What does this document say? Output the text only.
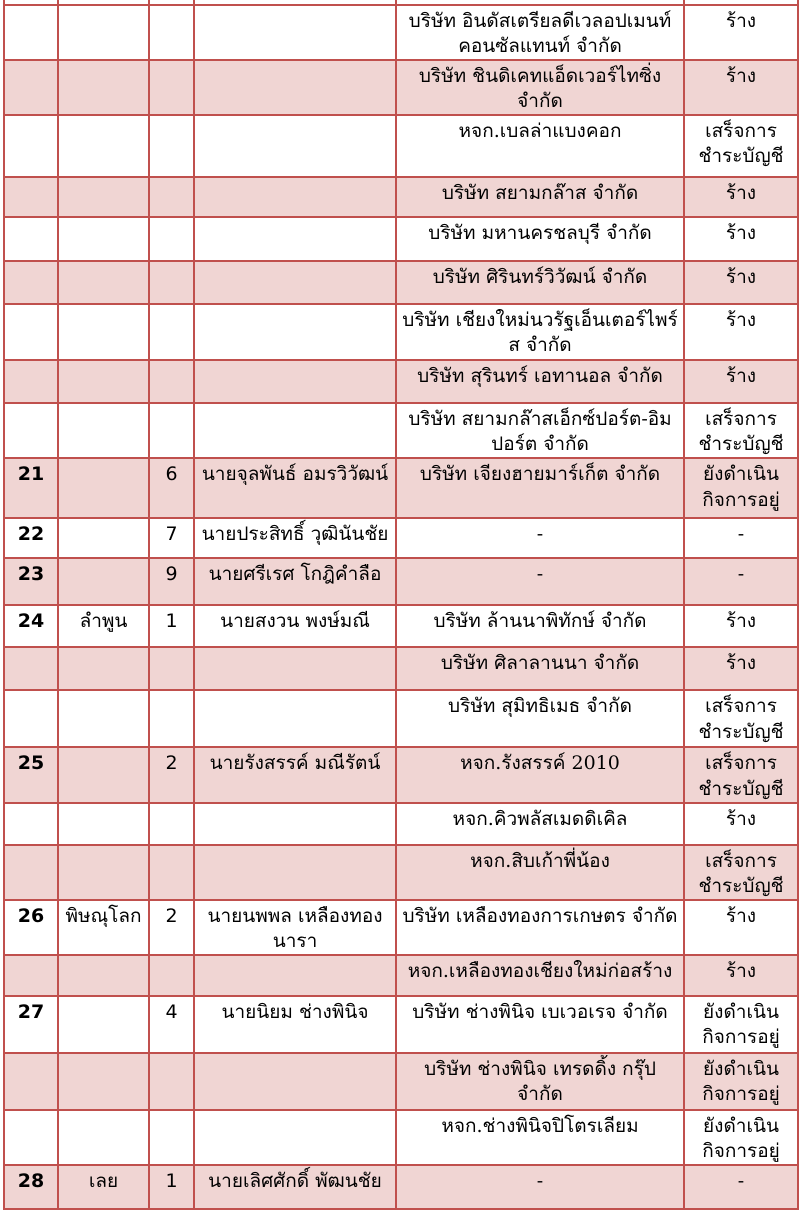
				บริษัท อินดัสเตรียลดีเวลอปเมนท์ คอนซัลแทนท์ จำกัด	ร้าง
				บริษัท ชินดิเคทแอ็ดเวอร์ไทซิ่ง จำกัด	ร้าง
				หจก.เบลล่าแบงคอก	เสร็จการชำระบัญชี
				บริษัท สยามกล๊าส จำกัด	ร้าง
				บริษัท มหานครชลบุรี จำกัด	ร้าง
				บริษัท ศิรินทร์วิวัฒน์ จำกัด	ร้าง
				บริษัท เชียงใหม่นวรัฐเอ็นเตอร์ไพร์ส จำกัด	ร้าง
				บริษัท สุรินทร์ เอทานอล จำกัด	ร้าง
				บริษัท สยามกล๊าสเอ็กซ์ปอร์ต-อิมปอร์ต จำกัด	เสร็จการชำระบัญชี
21		6	นายจุลพันธ์ อมรวิวัฒน์	บริษัท เจียงฮายมาร์เก็ต จำกัด	ยังดำเนินกิจการอยู่
22		7	นายประสิทธิ์ วุฒินันชัย	-	-
23		9	นายศรีเรศ โกฎิคำลือ	-	-
24	ลำพูน	1	นายสงวน พงษ์มณี	บริษัท ล้านนาพิทักษ์ จำกัด	ร้าง
				บริษัท ศิลาลานนา จำกัด	ร้าง
				บริษัท สุมิทธิเมธ จำกัด	เสร็จการชำระบัญชี
25		2	นายรังสรรค์ มณีรัตน์	หจก.รังสรรค์ 2010	เสร็จการชำระบัญชี
				หจก.คิวพลัสเมดดิเคิล	ร้าง
				หจก.สิบเก้าพี่น้อง	เสร็จการชำระบัญชี
26	พิษณุโลก	2	นายนพพล เหลืองทองนารา	บริษัท เหลืองทองการเกษตร จำกัด	ร้าง
				หจก.เหลืองทองเชียงใหม่ก่อสร้าง	ร้าง
27		4	นายนิยม ช่างพินิจ	บริษัท ช่างพินิจ เบเวอเรจ จำกัด	ยังดำเนินกิจการอยู่
				บริษัท ช่างพินิจ เทรดดิ้ง กรุ๊ป จำกัด	ยังดำเนินกิจการอยู่
				หจก.ช่างพินิจปิโตรเลียม	ยังดำเนินกิจการอยู่
28	เลย	1	นายเลิศศักดิ์ พัฒนชัย	-	-
